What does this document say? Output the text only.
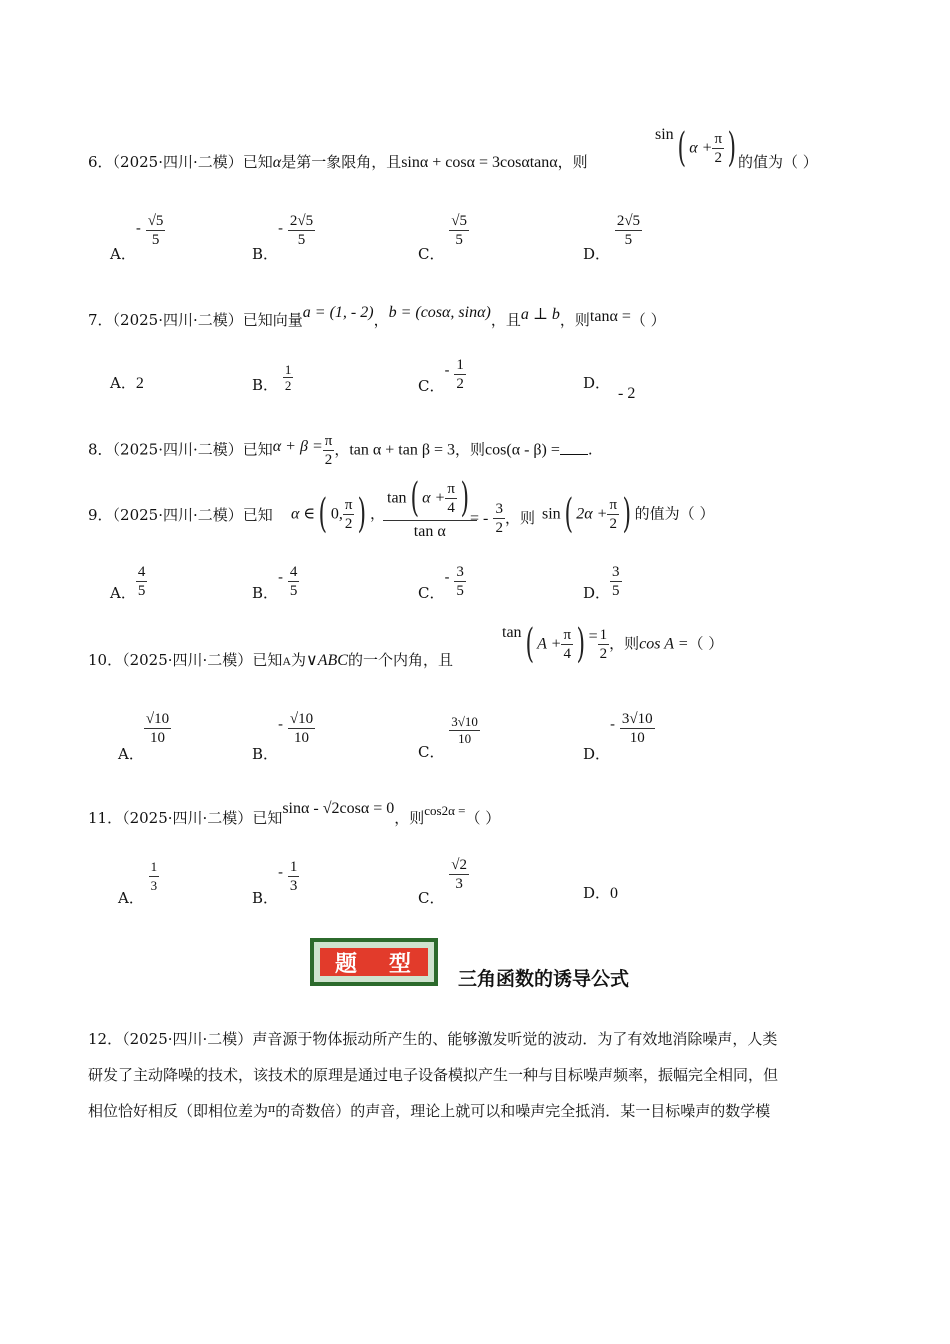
6．（2025·四川·二模）已知α是第一象限角，且sinα + cosα = 3cosαtanα，则
sin( $\alpha + \frac{\pi}{2}$ ) 的值为（ ）
A．- $\frac{√5}{5}$
B．- $\frac{2√5}{5}$
C．
$\frac{√5}{5}$
D．
$\frac{2√5}{5}$
7．（2025·四川·二模）已知向量a = (1, - 2)，b = (cosα, sinα)，且a ⊥ b，则tanα =（ ）
A．2	B． $\frac{1}{2}$	C．- $\frac{1}{2}$	D．- 2
8．（2025·四川·二模）已知$\alpha + \beta = \frac{\pi}{2}$ ，tan α + tan β = 3，则cos(α - β) = .
9．（2025·四川·二模）已知 α ∈( 0, $\frac{\pi}{2}$ ) ，
tan( $\alpha + \frac{\pi}{4}$ )
tan α
= - $\frac{3}{2}$ ，则 sin( $2\alpha + \frac{\pi}{2}$ ) 的值为（ ）
A． $\frac{4}{5}$	B．- $\frac{4}{5}$	C．- $\frac{3}{5}$	D． $\frac{3}{5}$
10．（2025·四川·二模）已知A为∨ABC的一个内角，且
tan( $A + \frac{\pi}{4}$ ) = $\frac{1}{2}$ ，则cos A =（ ）
A．
$\frac{√10}{10}$
B．- $\frac{√10}{10}$
C．
$\frac{3√10}{10}$
D．- $\frac{3√10}{10}$
11．（2025·四川·二模）已知sinα - √2cosα = 0，则cos2α =（ ）
A．
$\frac{1}{3}$
B．- $\frac{1}{3}$
C．
$\frac{√2}{3}$	D．0
题 型
三角函数的诱导公式
12．（2025·四川·二模）声音源于物体振动所产生的、能够激发听觉的波动．为了有效地消除噪声，人类
研发了主动降噪的技术，该技术的原理是通过电子设备模拟产生一种与目标噪声频率，振幅完全相同，但
相位恰好相反（即相位差为$^\pi$的奇数倍）的声音，理论上就可以和噪声完全抵消．某一目标噪声的数学模
